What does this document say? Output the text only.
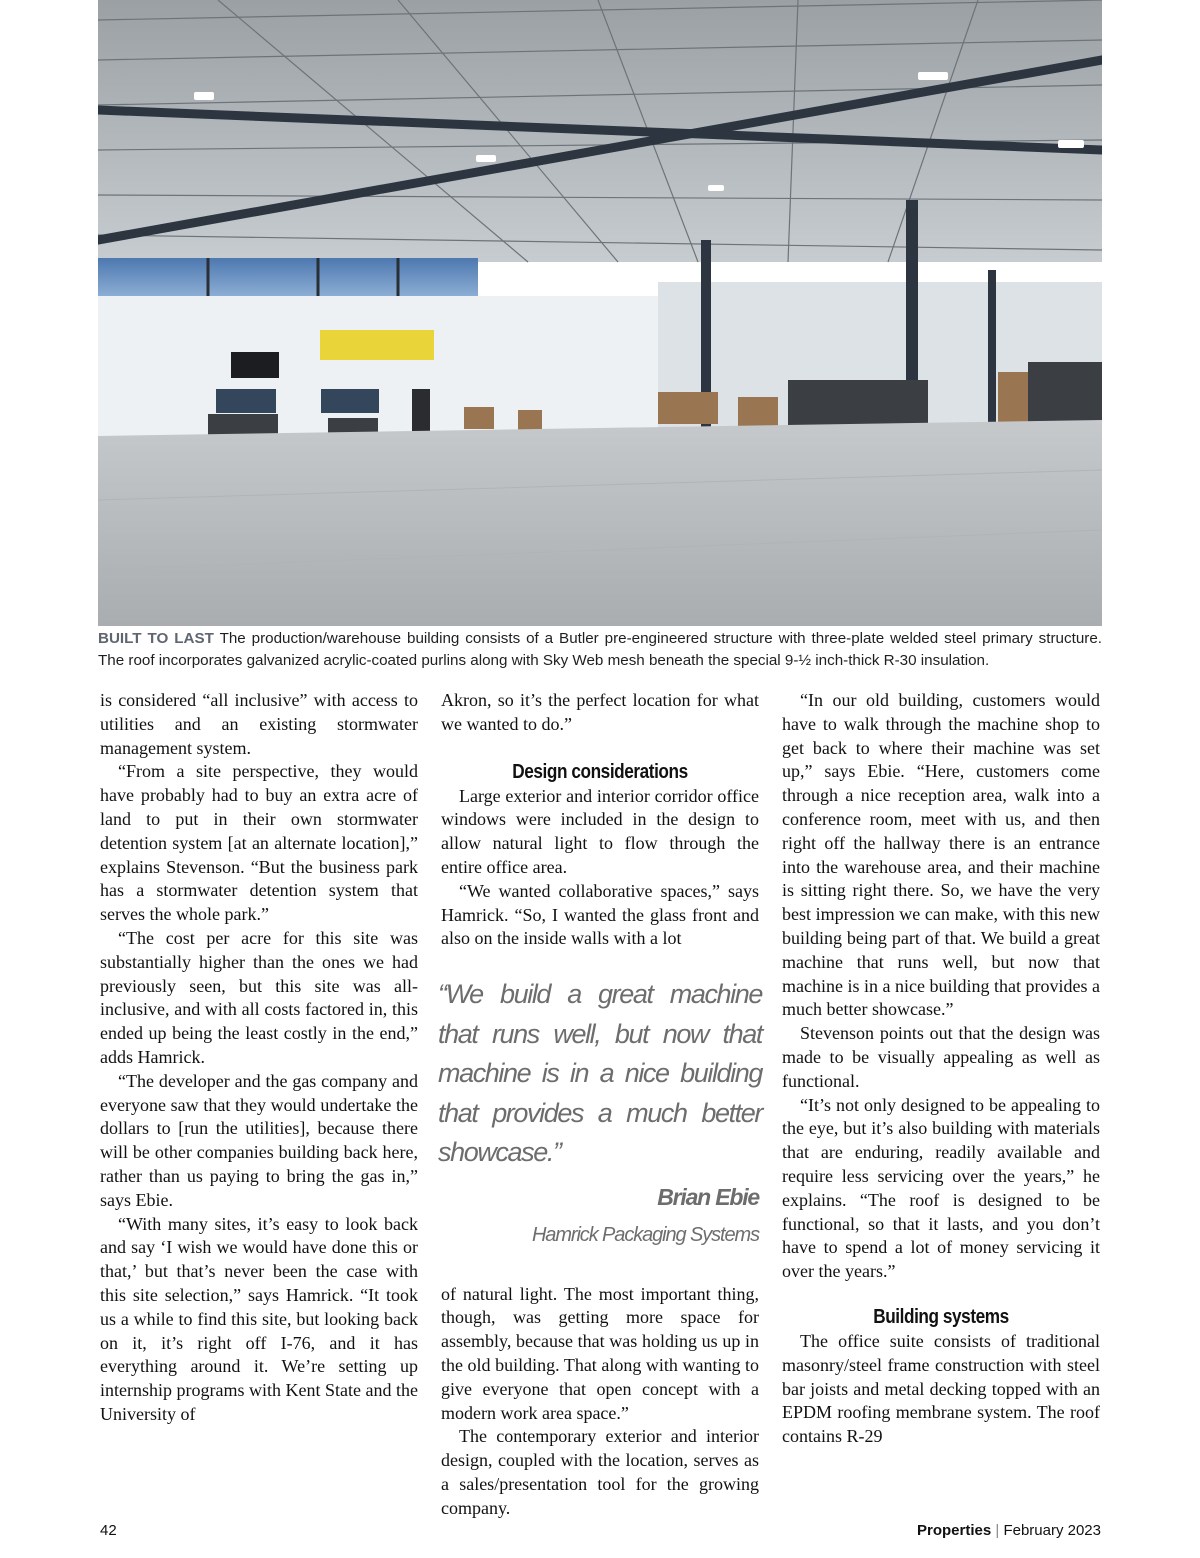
BUILT TO LAST The production/warehouse building consists of a Butler pre-engineered structure with three-plate welded steel primary structure. The roof incorporates galvanized acrylic-coated purlins along with Sky Web mesh beneath the special 9-½ inch-thick R-30 insulation.

is considered “all inclusive” with access to utilities and an existing stormwater management system.

“From a site perspective, they would have probably had to buy an extra acre of land to put in their own stormwater detention system [at an alternate location],” explains Stevenson. “But the business park has a stormwater detention system that serves the whole park.”

“The cost per acre for this site was substantially higher than the ones we had previously seen, but this site was all-inclusive, and with all costs factored in, this ended up being the least costly in the end,” adds Hamrick.

“The developer and the gas company and everyone saw that they would undertake the dollars to [run the utilities], because there will be other companies building back here, rather than us paying to bring the gas in,” says Ebie.

“With many sites, it’s easy to look back and say ‘I wish we would have done this or that,’ but that’s never been the case with this site selection,” says Hamrick. “It took us a while to find this site, but looking back on it, it’s right off I-76, and it has everything around it. We’re setting up internship programs with Kent State and the University of

Akron, so it’s the perfect location for what we wanted to do.”

Design considerations

Large exterior and interior corridor office windows were included in the design to allow natural light to flow through the entire office area.

“We wanted collaborative spaces,” says Hamrick. “So, I wanted the glass front and also on the inside walls with a lot

“We build a great machine that runs well, but now that machine is in a nice building that provides a much better showcase.”
Brian Ebie
Hamrick Packaging Systems

of natural light. The most important thing, though, was getting more space for assembly, because that was holding us up in the old building. That along with wanting to give everyone that open concept with a modern work area space.”

The contemporary exterior and interior design, coupled with the location, serves as a sales/presentation tool for the growing company.

“In our old building, customers would have to walk through the machine shop to get back to where their machine was set up,” says Ebie. “Here, customers come through a nice reception area, walk into a conference room, meet with us, and then right off the hallway there is an entrance into the warehouse area, and their machine is sitting right there. So, we have the very best impression we can make, with this new building being part of that. We build a great machine that runs well, but now that machine is in a nice building that provides a much better showcase.”

Stevenson points out that the design was made to be visually appealing as well as functional.

“It’s not only designed to be appealing to the eye, but it’s also building with materials that are enduring, readily available and require less servicing over the years,” he explains. “The roof is designed to be functional, so that it lasts, and you don’t have to spend a lot of money servicing it over the years.”

Building systems

The office suite consists of traditional masonry/steel frame construction with steel bar joists and metal decking topped with an EPDM roofing membrane system. The roof contains R-29

42	Properties | February 2023
